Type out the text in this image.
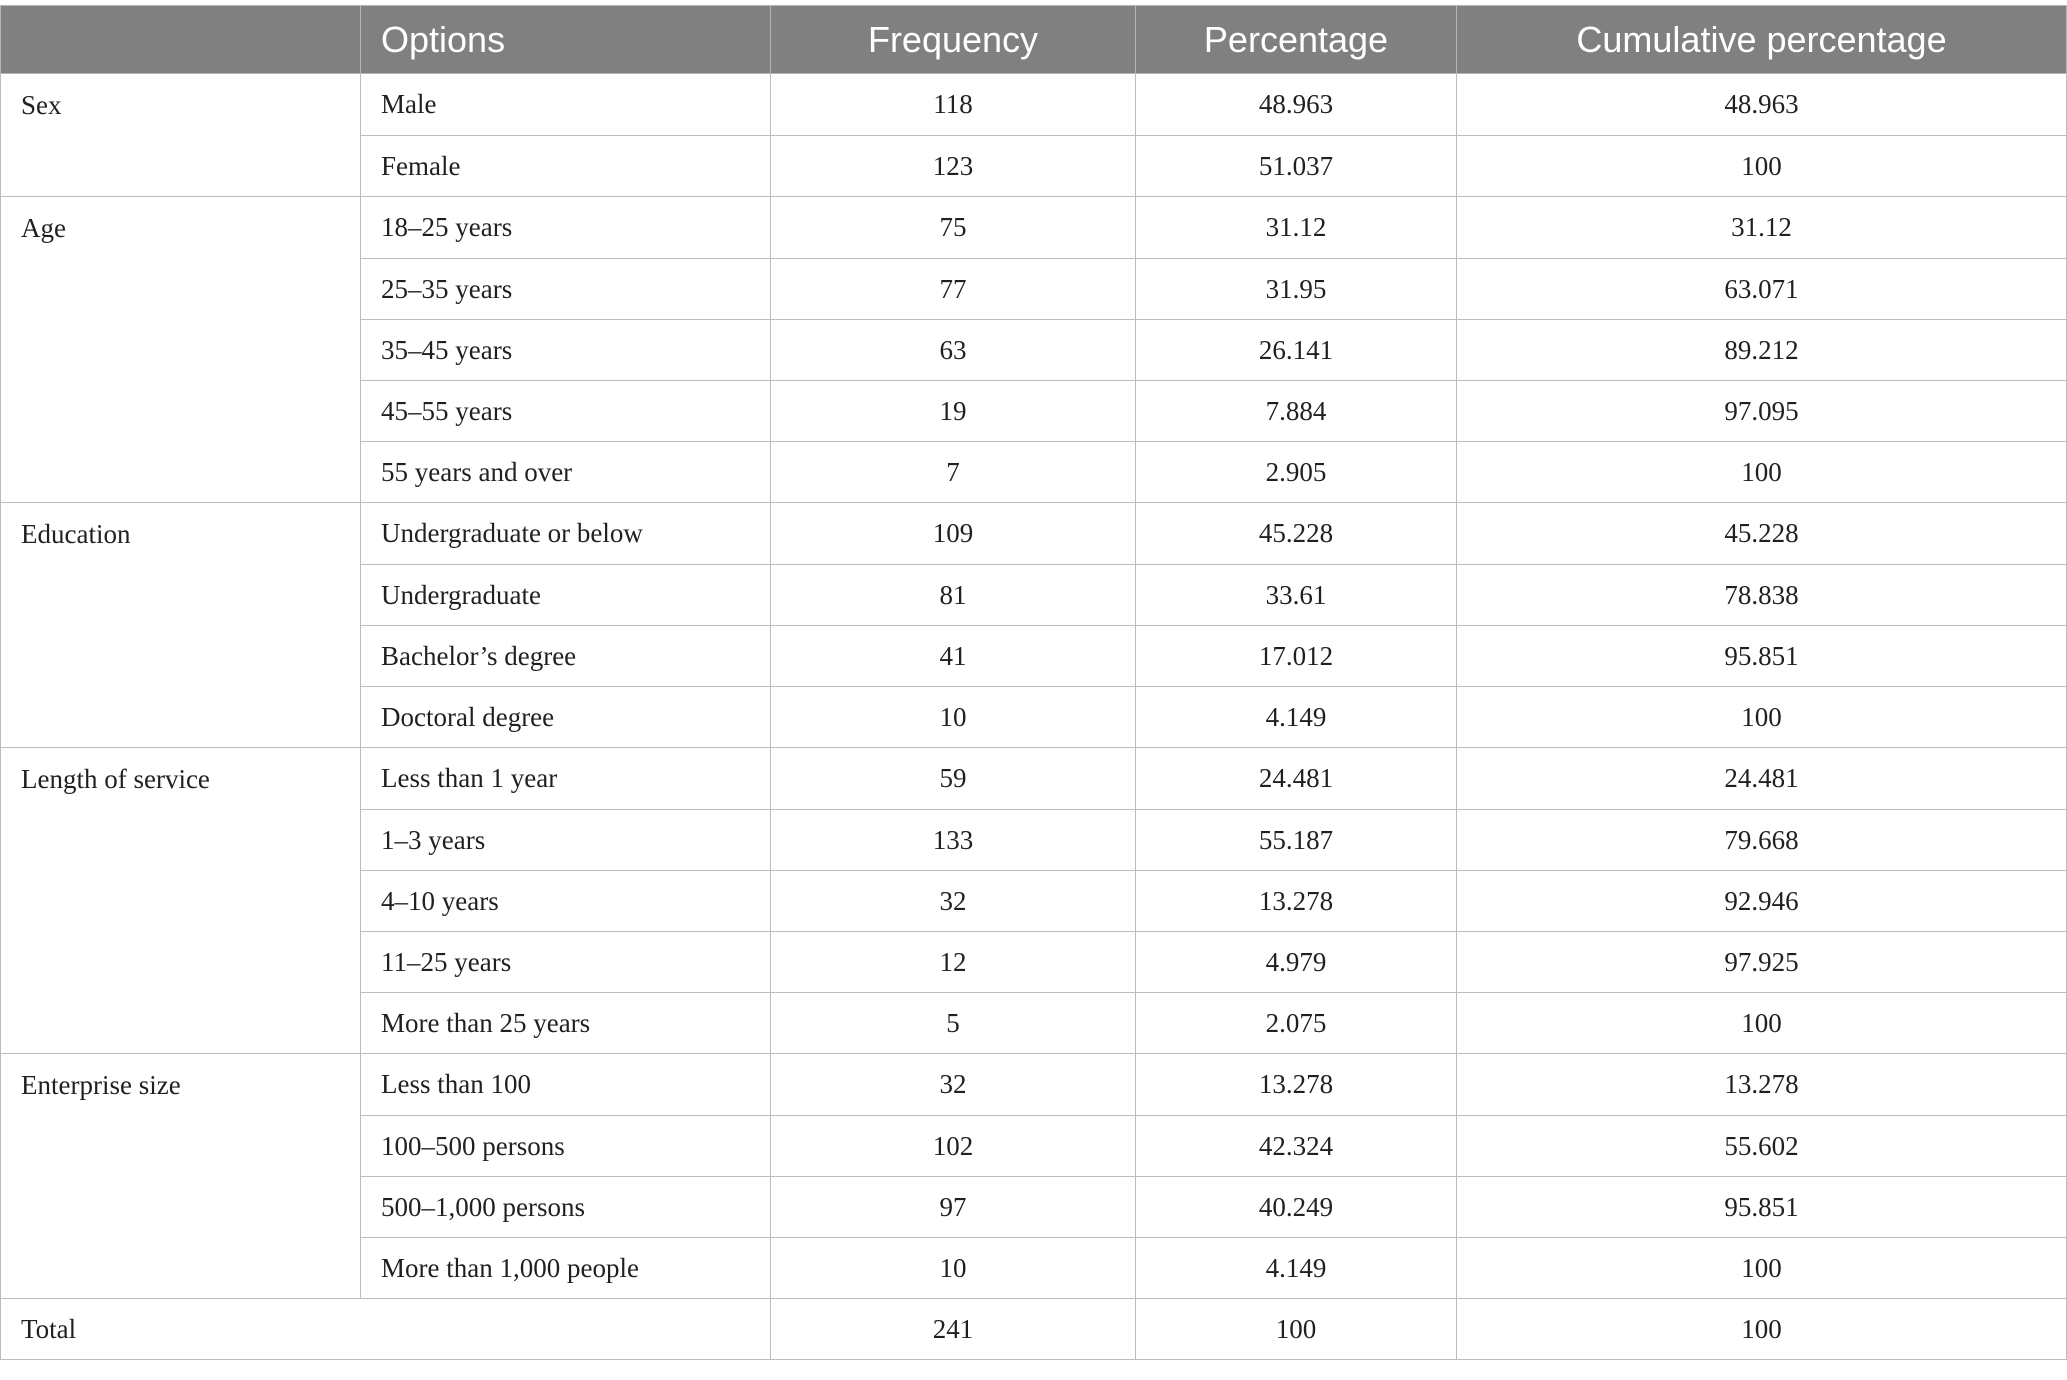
	Options	Frequency	Percentage	Cumulative percentage
Sex	Male	118	48.963	48.963
	Female	123	51.037	100
Age	18–25 years	75	31.12	31.12
	25–35 years	77	31.95	63.071
	35–45 years	63	26.141	89.212
	45–55 years	19	7.884	97.095
	55 years and over	7	2.905	100
Education	Undergraduate or below	109	45.228	45.228
	Undergraduate	81	33.61	78.838
	Bachelor’s degree	41	17.012	95.851
	Doctoral degree	10	4.149	100
Length of service	Less than 1 year	59	24.481	24.481
	1–3 years	133	55.187	79.668
	4–10 years	32	13.278	92.946
	11–25 years	12	4.979	97.925
	More than 25 years	5	2.075	100
Enterprise size	Less than 100	32	13.278	13.278
	100–500 persons	102	42.324	55.602
	500–1,000 persons	97	40.249	95.851
	More than 1,000 people	10	4.149	100
Total		241	100	100
